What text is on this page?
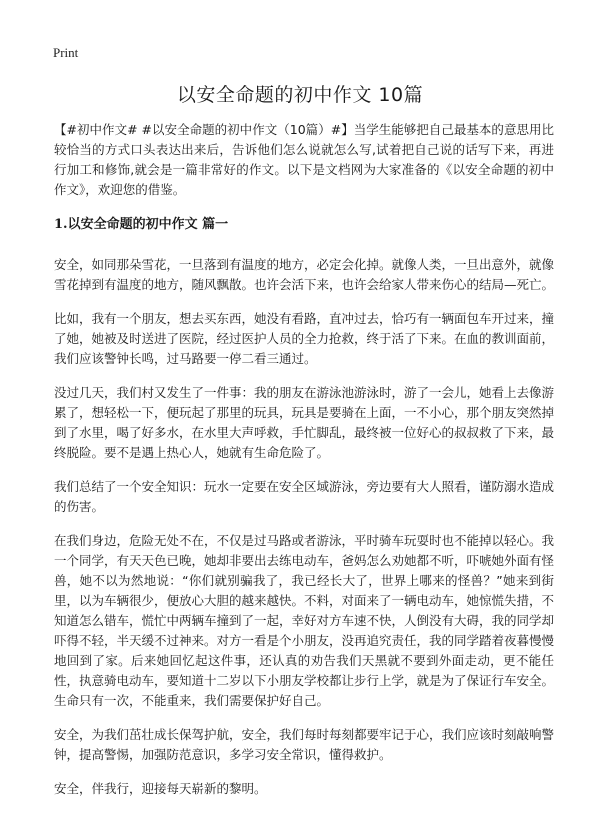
Print
以安全命题的初中作文 10篇

【#初中作文# #以安全命题的初中作文（10篇）#】当学生能够把自己最基本的意思用比较恰当的方式口头表达出来后，告诉他们怎么说就怎么写,试着把自己说的话写下来，再进行加工和修饰,就会是一篇非常好的作文。以下是文档网为大家准备的《以安全命题的初中作文》，欢迎您的借鉴。

1.以安全命题的初中作文 篇一

安全，如同那朵雪花，一旦落到有温度的地方，必定会化掉。就像人类，一旦出意外，就像雪花掉到有温度的地方，随风飘散。也许会活下来，也许会给家人带来伤心的结局—死亡。

比如，我有一个朋友，想去买东西，她没有看路，直冲过去，恰巧有一辆面包车开过来，撞了她，她被及时送进了医院，经过医护人员的全力抢救，终于活了下来。在血的教训面前，我们应该警钟长鸣，过马路要一停二看三通过。

没过几天，我们村又发生了一件事：我的朋友在游泳池游泳时，游了一会儿，她看上去像游累了，想轻松一下，便玩起了那里的玩具，玩具是要骑在上面，一不小心，那个朋友突然掉到了水里，喝了好多水，在水里大声呼救，手忙脚乱，最终被一位好心的叔叔救了下来，最终脱险。要不是遇上热心人，她就有生命危险了。

我们总结了一个安全知识：玩水一定要在安全区域游泳，旁边要有大人照看，谨防溺水造成的伤害。

在我们身边，危险无处不在，不仅是过马路或者游泳，平时骑车玩耍时也不能掉以轻心。我一个同学，有天天色已晚，她却非要出去练电动车，爸妈怎么劝她都不听，吓唬她外面有怪兽，她不以为然地说：“你们就别骗我了，我已经长大了，世界上哪来的怪兽？”她来到街里，以为车辆很少，便放心大胆的越来越快。不料，对面来了一辆电动车，她惊慌失措，不知道怎么错车，慌忙中两辆车撞到了一起，幸好对方车速不快，人倒没有大碍，我的同学却吓得不轻，半天缓不过神来。对方一看是个小朋友，没再追究责任，我的同学踏着夜暮慢慢地回到了家。后来她回忆起这件事，还认真的劝告我们天黑就不要到外面走动，更不能任性，执意骑电动车，要知道十二岁以下小朋友学校都让步行上学，就是为了保证行车安全。生命只有一次，不能重来，我们需要保护好自己。

安全，为我们茁壮成长保驾护航，安全，我们每时每刻都要牢记于心，我们应该时刻敲响警钟，提高警惕，加强防范意识，多学习安全常识，懂得救护。

安全，伴我行，迎接每天崭新的黎明。
